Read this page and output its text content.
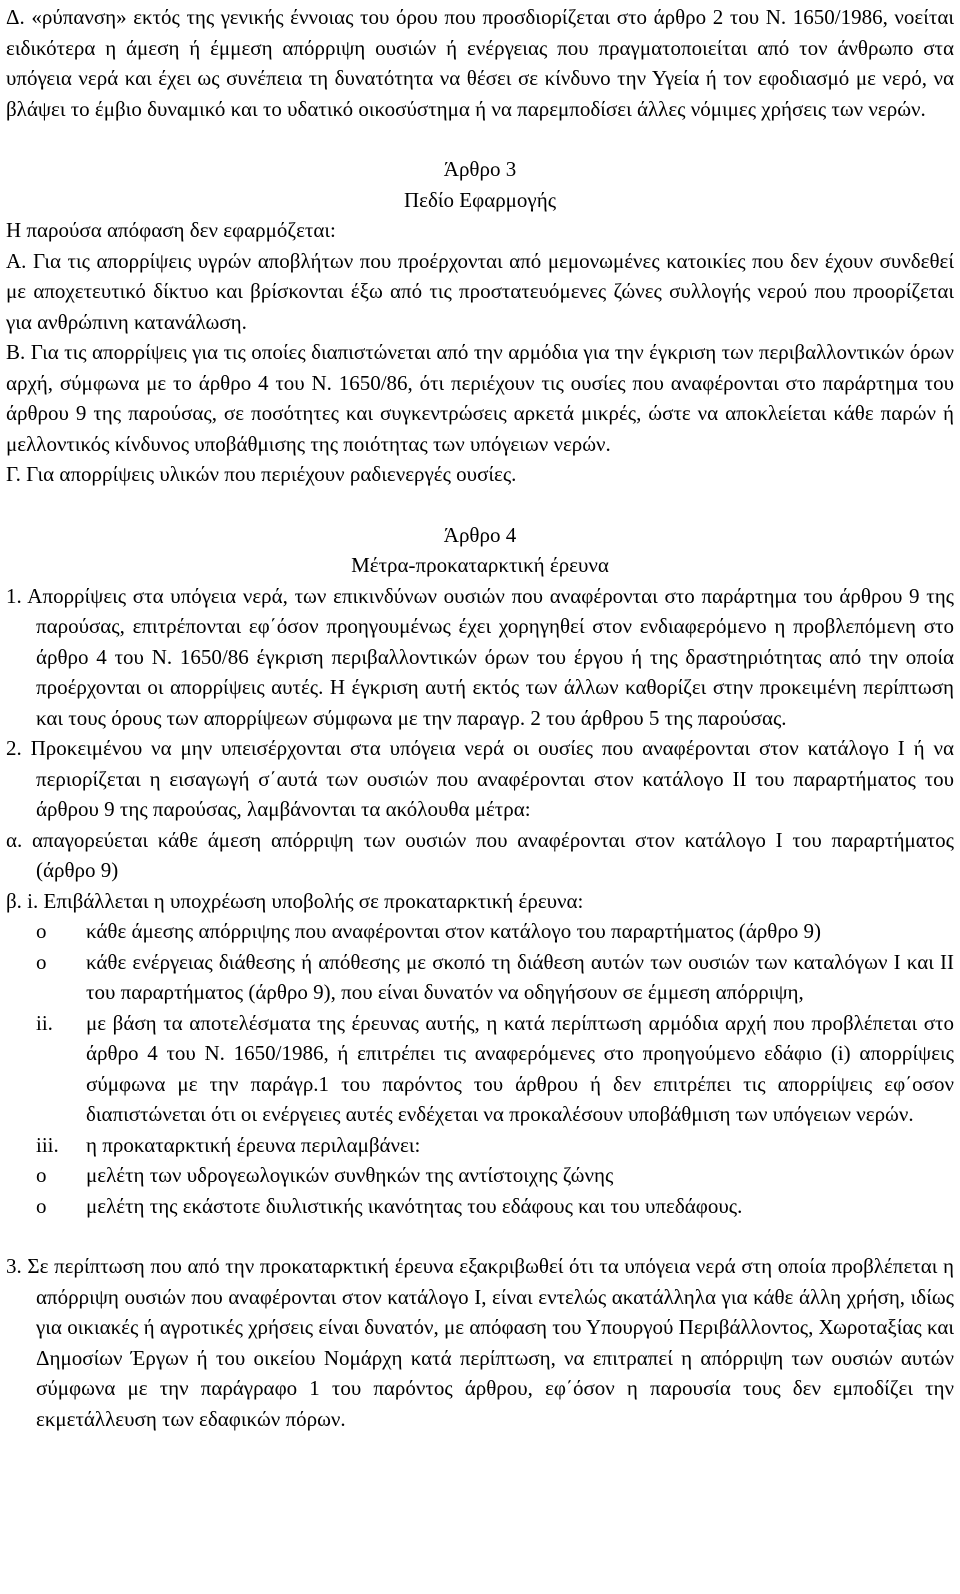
Δ. «ρύπανση» εκτός της γενικής έννοιας του όρου που προσδιορίζεται στο άρθρο 2 του Ν. 1650/1986, νοείται ειδικότερα η άμεση ή έμμεση απόρριψη ουσιών ή ενέργειας που πραγματοποιείται από τον άνθρωπο στα υπόγεια νερά και έχει ως συνέπεια τη δυνατότητα να θέσει σε κίνδυνο την Υγεία ή τον εφοδιασμό με νερό, να βλάψει το έμβιο δυναμικό και το υδατικό οικοσύστημα ή να παρεμποδίσει άλλες νόμιμες χρήσεις των νερών.

Άρθρο 3

Πεδίο Εφαρμογής

Η παρούσα απόφαση δεν εφαρμόζεται:

Α. Για τις απορρίψεις υγρών αποβλήτων που προέρχονται από μεμονωμένες κατοικίες που δεν έχουν συνδεθεί με αποχετευτικό δίκτυο και βρίσκονται έξω από τις προστατευόμενες ζώνες συλλογής νερού που προορίζεται για ανθρώπινη κατανάλωση.

Β. Για τις απορρίψεις για τις οποίες διαπιστώνεται από την αρμόδια για την έγκριση των περιβαλλοντικών όρων αρχή, σύμφωνα με το άρθρο 4 του Ν. 1650/86, ότι περιέχουν τις ουσίες που αναφέρονται στο παράρτημα του άρθρου 9 της παρούσας, σε ποσότητες και συγκεντρώσεις αρκετά μικρές, ώστε να αποκλείεται κάθε παρών ή μελλοντικός κίνδυνος υποβάθμισης της ποιότητας των υπόγειων νερών.

Γ. Για απορρίψεις υλικών που περιέχουν ραδιενεργές ουσίες.

Άρθρο 4

Μέτρα-προκαταρκτική έρευνα

1. Απορρίψεις στα υπόγεια νερά, των επικινδύνων ουσιών που αναφέρονται στο παράρτημα του άρθρου 9 της παρούσας, επιτρέπονται εφ΄όσον προηγουμένως έχει χορηγηθεί στον ενδιαφερόμενο η προβλεπόμενη στο άρθρο 4 του Ν. 1650/86 έγκριση περιβαλλοντικών όρων του έργου ή της δραστηριότητας από την οποία προέρχονται οι απορρίψεις αυτές. Η έγκριση αυτή εκτός των άλλων καθορίζει στην προκειμένη περίπτωση και τους όρους των απορρίψεων σύμφωνα με την παραγρ. 2 του άρθρου 5 της παρούσας.

2. Προκειμένου να μην υπεισέρχονται στα υπόγεια νερά οι ουσίες που αναφέρονται στον κατάλογο Ι ή να περιορίζεται η εισαγωγή σ΄αυτά των ουσιών που αναφέρονται στον κατάλογο ΙΙ του παραρτήματος του άρθρου 9 της παρούσας, λαμβάνονται τα ακόλουθα μέτρα:

α. απαγορεύεται κάθε άμεση απόρριψη των ουσιών που αναφέρονται στον κατάλογο Ι του παραρτήματος (άρθρο 9)

β. i. Επιβάλλεται η υποχρέωση υποβολής σε προκαταρκτική έρευνα:

o κάθε άμεσης απόρριψης που αναφέρονται στον κατάλογο του παραρτήματος (άρθρο 9)

o κάθε ενέργειας διάθεσης ή απόθεσης με σκοπό τη διάθεση αυτών των ουσιών των καταλόγων Ι και ΙΙ του παραρτήματος (άρθρο 9), που είναι δυνατόν να οδηγήσουν σε έμμεση απόρριψη,

ii. με βάση τα αποτελέσματα της έρευνας αυτής, η κατά περίπτωση αρμόδια αρχή που προβλέπεται στο άρθρο 4 του Ν. 1650/1986, ή επιτρέπει τις αναφερόμενες στο προηγούμενο εδάφιο (i) απορρίψεις σύμφωνα με την παράγρ.1 του παρόντος του άρθρου ή δεν επιτρέπει τις απορρίψεις εφ΄οσον διαπιστώνεται ότι οι ενέργειες αυτές ενδέχεται να προκαλέσουν υποβάθμιση των υπόγειων νερών.

iii. η προκαταρκτική έρευνα περιλαμβάνει:

o μελέτη των υδρογεωλογικών συνθηκών της αντίστοιχης ζώνης

o μελέτη της εκάστοτε διυλιστικής ικανότητας του εδάφους και του υπεδάφους.

3. Σε περίπτωση που από την προκαταρκτική έρευνα εξακριβωθεί ότι τα υπόγεια νερά στη οποία προβλέπεται η απόρριψη ουσιών που αναφέρονται στον κατάλογο Ι, είναι εντελώς ακατάλληλα για κάθε άλλη χρήση, ιδίως για οικιακές ή αγροτικές χρήσεις είναι δυνατόν, με απόφαση του Υπουργού Περιβάλλοντος, Χωροταξίας και Δημοσίων Έργων ή του οικείου Νομάρχη κατά περίπτωση, να επιτραπεί η απόρριψη των ουσιών αυτών σύμφωνα με την παράγραφο 1 του παρόντος άρθρου, εφ΄όσον η παρουσία τους δεν εμποδίζει την εκμετάλλευση των εδαφικών πόρων.
